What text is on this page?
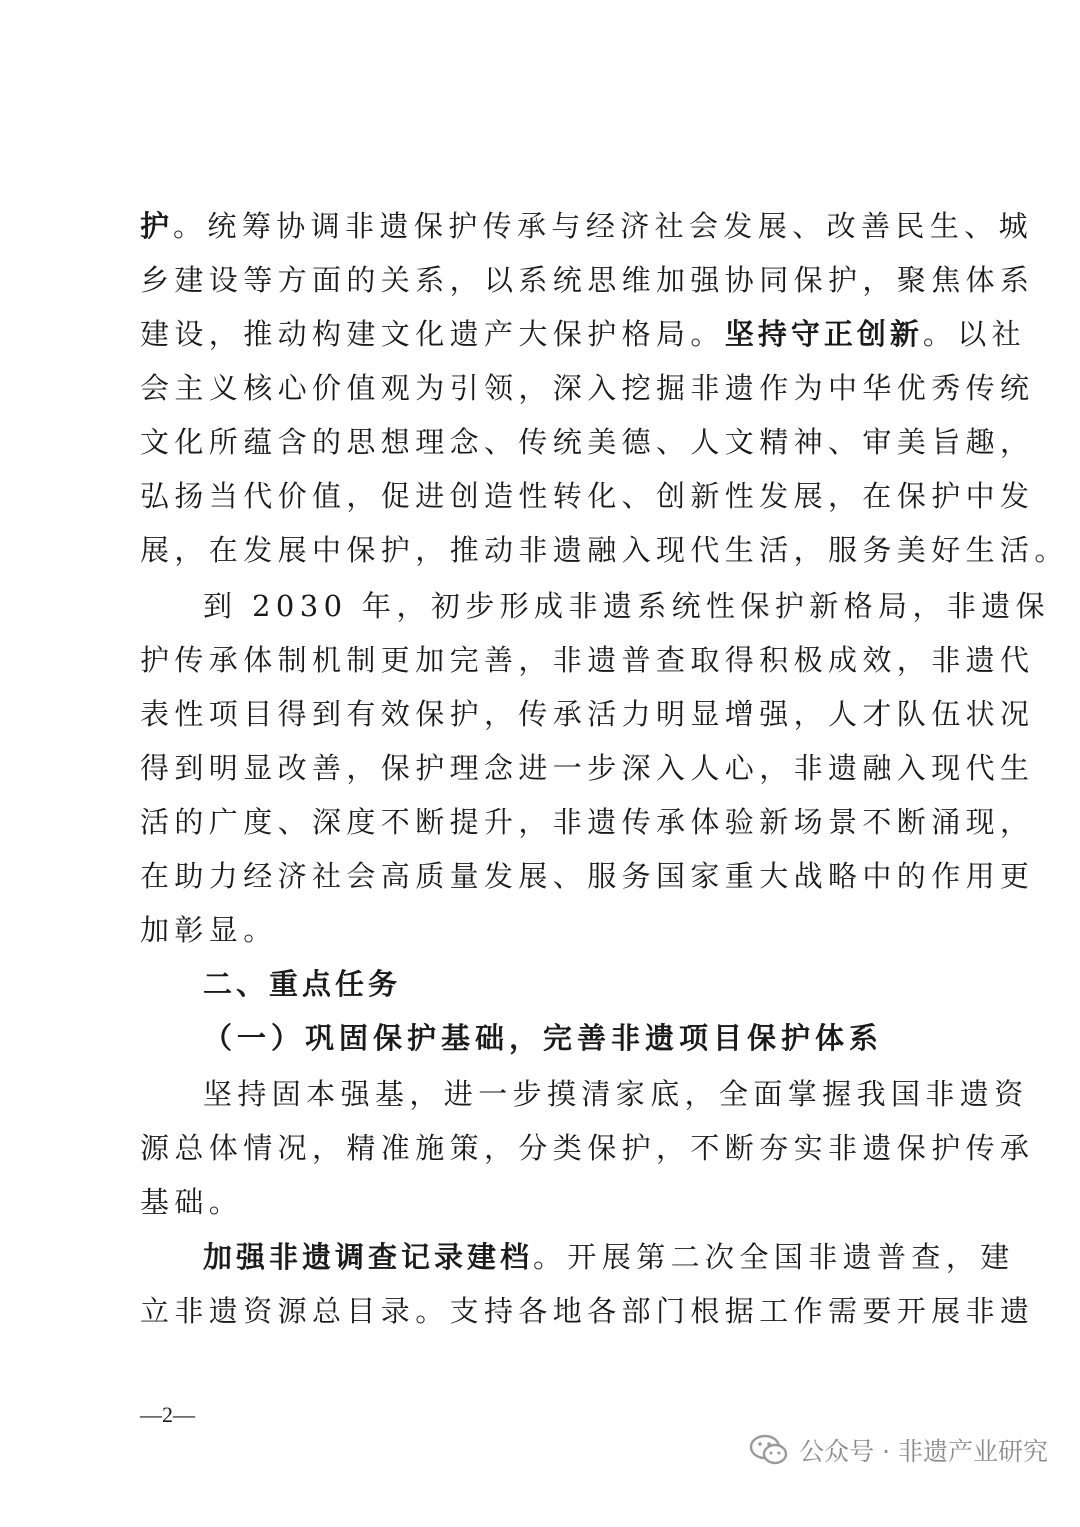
护。统筹协调非遗保护传承与经济社会发展、改善民生、城
乡建设等方面的关系，以系统思维加强协同保护，聚焦体系
建设，推动构建文化遗产大保护格局。坚持守正创新。以社
会主义核心价值观为引领，深入挖掘非遗作为中华优秀传统
文化所蕴含的思想理念、传统美德、人文精神、审美旨趣，
弘扬当代价值，促进创造性转化、创新性发展，在保护中发
展，在发展中保护，推动非遗融入现代生活，服务美好生活。
到 2030 年，初步形成非遗系统性保护新格局，非遗保
护传承体制机制更加完善，非遗普查取得积极成效，非遗代
表性项目得到有效保护，传承活力明显增强，人才队伍状况
得到明显改善，保护理念进一步深入人心，非遗融入现代生
活的广度、深度不断提升，非遗传承体验新场景不断涌现，
在助力经济社会高质量发展、服务国家重大战略中的作用更
加彰显。
二、重点任务
（一）巩固保护基础，完善非遗项目保护体系
坚持固本强基，进一步摸清家底，全面掌握我国非遗资
源总体情况，精准施策，分类保护，不断夯实非遗保护传承
基础。
加强非遗调查记录建档。开展第二次全国非遗普查，建
立非遗资源总目录。支持各地各部门根据工作需要开展非遗
—2—
公众号 · 非遗产业研究
